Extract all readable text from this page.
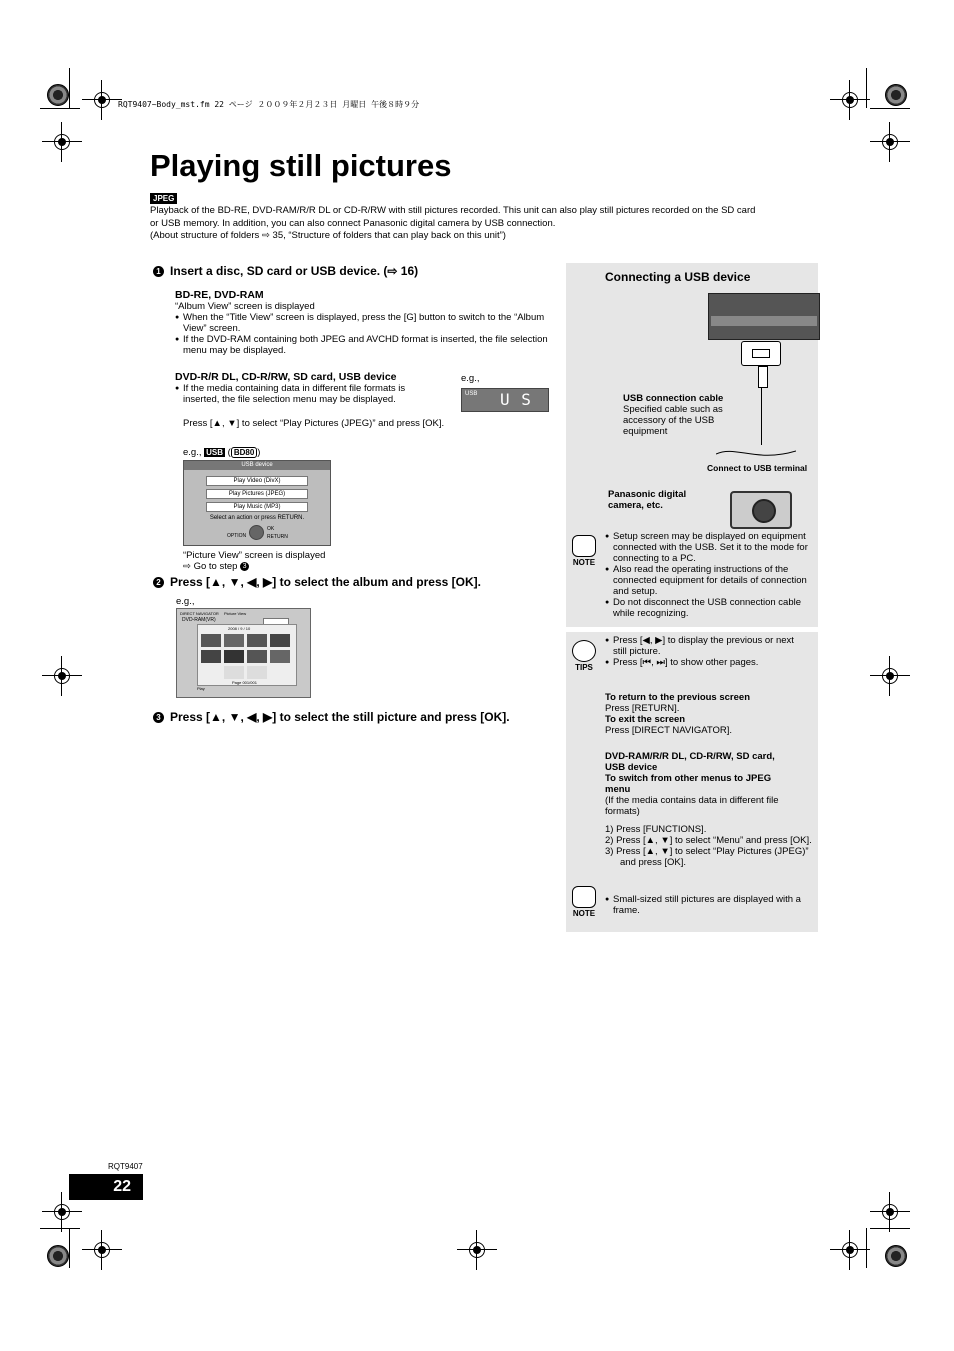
RQT9407~Body_mst.fm 22 ページ ２００９年２月２３日 月曜日 午後８時９分
Playing still pictures
JPEG
Playback of the BD-RE, DVD-RAM/R/R DL or CD-R/RW with still pictures recorded. This unit can also play still pictures recorded on the SD card
or USB memory. In addition, you can also connect Panasonic digital camera by USB connection.
(About structure of folders ⇨ 35, “Structure of folders that can play back on this unit”)
1 Insert a disc, SD card or USB device. (⇨ 16)
BD-RE, DVD-RAM
“Album View” screen is displayed
● When the “Title View” screen is displayed, press the [G] button to switch to the “Album View” screen.
● If the DVD-RAM containing both JPEG and AVCHD format is inserted, the file selection menu may be displayed.
DVD-R/R DL, CD-R/RW, SD card, USB device
● If the media containing data in different file formats is inserted, the file selection menu may be displayed.
e.g.,
USB U S b
Press [▲, ▼] to select “Play Pictures (JPEG)” and press [OK].
e.g., USB ( BD80 )
USB device
Play Video (DivX)
Play Pictures (JPEG)
Play Music (MP3)
Select an action or press RETURN.
OPTION
OK
RETURN
“Picture View” screen is displayed
⇨ Go to step 3
2 Press [▲, ▼, ◀, ▶] to select the album and press [OK].
e.g.,
DIRECT NAVIGATOR Picture View
DVD-RAM(VR)
2008 / 9 / 10
Page 001/001
Play
3 Press [▲, ▼, ◀, ▶] to select the still picture and press [OK].
Connecting a USB device
USB connection cable
Specified cable such as
accessory of the USB
equipment
Connect to USB terminal
Panasonic digital
camera, etc.
NOTE
● Setup screen may be displayed on equipment connected with the USB. Set it to the mode for connecting to a PC.
● Also read the operating instructions of the connected equipment for details of connection and setup.
● Do not disconnect the USB connection cable while recognizing.
TIPS
● Press [◀, ▶] to display the previous or next still picture.
● Press [⏮, ⏭] to show other pages.
To return to the previous screen
Press [RETURN].
To exit the screen
Press [DIRECT NAVIGATOR].
DVD-RAM/R/R DL, CD-R/RW, SD card,
USB device
To switch from other menus to JPEG
menu
(If the media contains data in different file formats)
1) Press [FUNCTIONS].
2) Press [▲, ▼] to select “Menu” and press [OK].
3) Press [▲, ▼] to select “Play Pictures (JPEG)” and press [OK].
NOTE
● Small-sized still pictures are displayed with a frame.
RQT9407
22
